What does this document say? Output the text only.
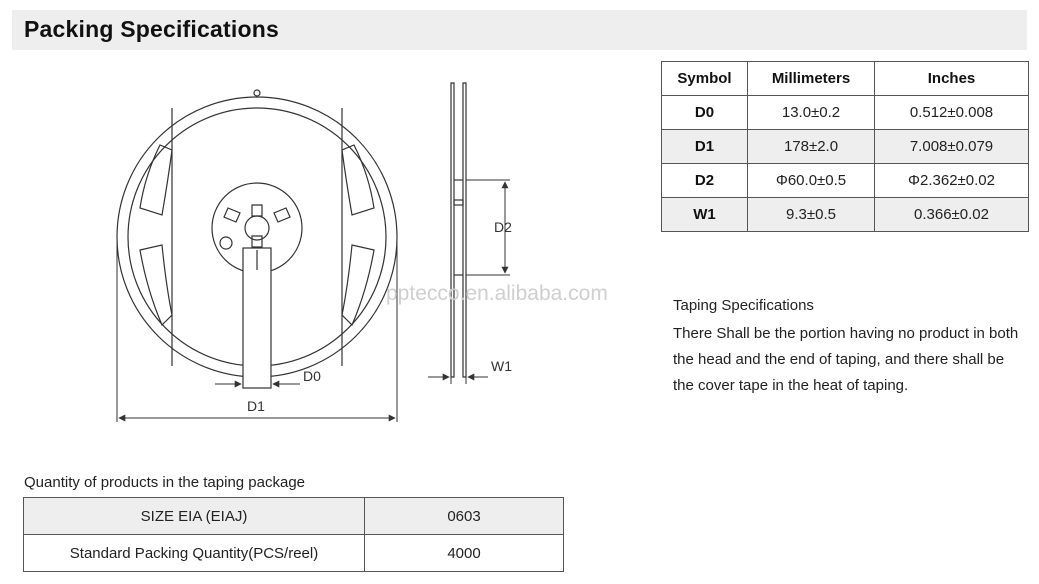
Packing Specifications
D0
D1
D2
W1
pptecco.en.alibaba.com
Symbol	Millimeters	Inches
D0	13.0±0.2	0.512±0.008
D1	178±2.0	7.008±0.079
D2	Φ60.0±0.5	Φ2.362±0.02
W1	9.3±0.5	0.366±0.02
Taping Specifications

There Shall be the portion having no product in both the head and the end of taping, and there shall be the cover tape in the heat of taping.

Quantity of products in the taping package
SIZE EIA (EIAJ)	0603
Standard Packing Quantity(PCS/reel)	4000
